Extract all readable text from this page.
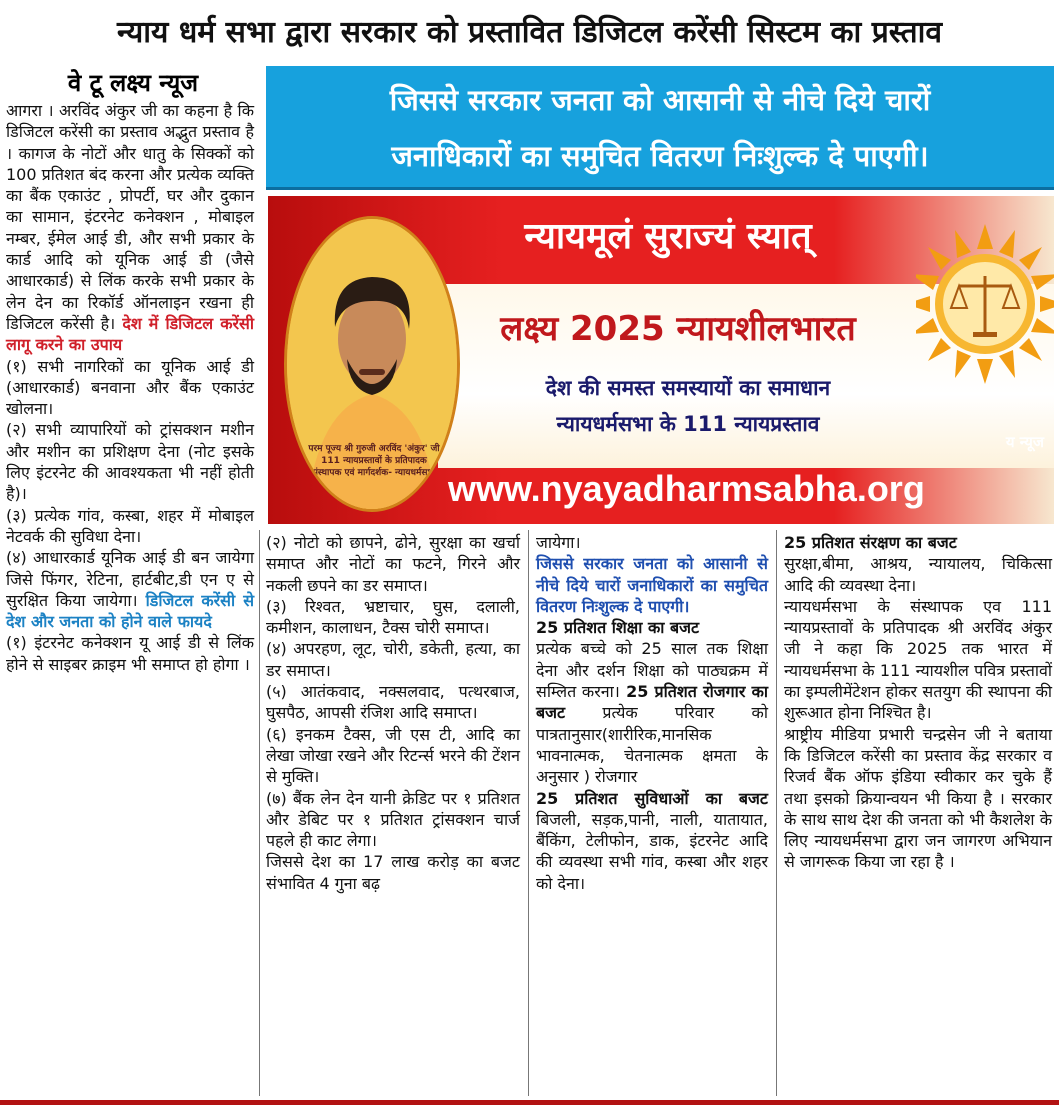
न्याय धर्म सभा द्वारा सरकार को प्रस्तावित डिजिटल करेंसी सिस्टम का प्रस्ताव
वे टू लक्ष्य न्यूज	जिससे सरकार जनता को आसानी से नीचे दिये चारों
जनाधिकारों का समुचित वितरण निःशुल्क दे पाएगी।
परम पूज्य श्री गुरुजी अरविंद 'अंकुर' जी
111 न्यायप्रस्तावों के प्रतिपादक
संस्थापक एवं मार्गदर्शक- न्यायधर्मसभा
न्यायमूलं सुराज्यं स्यात्
लक्ष्य 2025 न्यायशीलभारत
देश की समस्त समस्यायों का समाधान
न्यायधर्मसभा के 111 न्यायप्रस्ताव
य न्यूज
www.nyayadharmsabha.org

आगरा । अरविंद अंकुर जी का कहना है कि डिजिटल करेंसी का प्रस्ताव अद्भुत प्रस्ताव है । कागज के नोटों और धातु के सिक्कों को 100 प्रतिशत बंद करना और प्रत्येक व्यक्ति का बैंक एकाउंट , प्रोपर्टी, घर और दुकान का सामान, इंटरनेट कनेक्शन , मोबाइल नम्बर, ईमेल आई डी, और सभी प्रकार के कार्ड आदि को यूनिक आई डी (जैसे आधारकार्ड) से लिंक करके सभी प्रकार के लेन देन का रिकॉर्ड ऑनलाइन रखना ही डिजिटल करेंसी है। देश में डिजिटल करेंसी लागू करने का उपाय

(१) सभी नागरिकों का यूनिक आई डी (आधारकार्ड) बनवाना और बैंक एकाउंट खोलना।

(२) सभी व्यापारियों को ट्रांसक्शन मशीन और मशीन का प्रशिक्षण देना (नोट इसके लिए इंटरनेट की आवश्यकता भी नहीं होती है)।

(३) प्रत्येक गांव, कस्बा, शहर में मोबाइल नेटवर्क की सुविधा देना।

(४) आधारकार्ड यूनिक आई डी बन जायेगा जिसे फिंगर, रेटिना, हार्टबीट,डी एन ए से सुरक्षित किया जायेगा। डिजिटल करेंसी से देश और जनता को होने वाले फायदे

(१) इंटरनेट कनेक्शन यू आई डी से लिंक होने से साइबर क्राइम भी समाप्त हो होगा ।

(२) नोटो को छापने, ढोने, सुरक्षा का खर्चा समाप्त और नोटों का फटने, गिरने और नकली छपने का डर समाप्त।

(३) रिश्वत, भ्रष्टाचार, घुस, दलाली, कमीशन, कालाधन, टैक्स चोरी समाप्त।

(४) अपरहण, लूट, चोरी, डकेती, हत्या, का डर समाप्त।

(५) आतंकवाद, नक्सलवाद, पत्थरबाज, घुसपैठ, आपसी रंजिश आदि समाप्त।

(६) इनकम टैक्स, जी एस टी, आदि का लेखा जोखा रखने और रिटर्न्स भरने की टेंशन से मुक्ति।

(७) बैंक लेन देन यानी क्रेडिट पर १ प्रतिशत और डेबिट पर १ प्रतिशत ट्रांसक्शन चार्ज पहले ही काट लेगा।

जिससे देश का 17 लाख करोड़ का बजट संभावित 4 गुना बढ़

जायेगा।

जिससे सरकार जनता को आसानी से नीचे दिये चारों जनाधिकारों का समुचित वितरण निःशुल्क दे पाएगी।

25 प्रतिशत शिक्षा का बजट

प्रत्येक बच्चे को 25 साल तक शिक्षा देना और दर्शन शिक्षा को पाठ्यक्रम में सम्लित करना। 25 प्रतिशत रोजगार का बजट प्रत्येक परिवार को पात्रतानुसार(शारीरिक,मानसिक भावनात्मक, चेतनात्मक क्षमता के अनुसार ) रोजगार

25 प्रतिशत सुविधाओं का बजट बिजली, सड़क,पानी, नाली, यातायात, बैंकिंग, टेलीफोन, डाक, इंटरनेट आदि की व्यवस्था सभी गांव, कस्बा और शहर को देना।

25 प्रतिशत संरक्षण का बजट

सुरक्षा,बीमा, आश्रय, न्यायालय, चिकित्सा आदि की व्यवस्था देना।

न्यायधर्मसभा के संस्थापक एव 111 न्यायप्रस्तावों के प्रतिपादक श्री अरविंद अंकुर जी ने कहा कि 2025 तक भारत में न्यायधर्मसभा के 111 न्यायशील पवित्र प्रस्तावों का इम्पलीमेंटेशन होकर सतयुग की स्थापना की शुरूआत होना निश्चित है।

श्राष्ट्रीय मीडिया प्रभारी चन्द्रसेन जी ने बताया कि डिजिटल करेंसी का प्रस्ताव केंद्र सरकार व रिजर्व बैंक ऑफ इंडिया स्वीकार कर चुके हैं तथा इसको क्रियान्वयन भी किया है । सरकार के साथ साथ देश की जनता को भी कैशलेश के लिए न्यायधर्मसभा द्वारा जन जागरण अभियान से जागरूक किया जा रहा है ।
